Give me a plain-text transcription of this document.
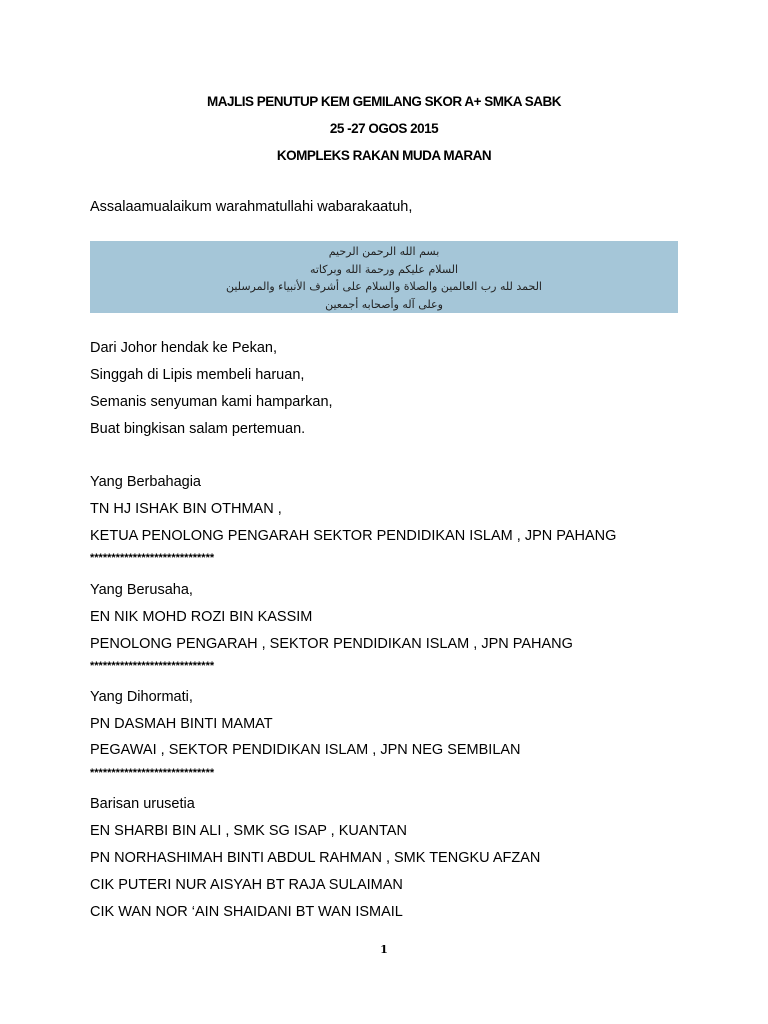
MAJLIS PENUTUP KEM GEMILANG SKOR A+ SMKA SABK
25 -27 OGOS 2015
KOMPLEKS RAKAN MUDA MARAN
Assalaamualaikum warahmatullahi wabarakaatuh,
بسم الله الرحمن الرحيم
السلام عليكم ورحمة الله وبركاته
الحمد لله رب العالمين والصلاة والسلام على أشرف الأنبياء والمرسلين
وعلى آله وأصحابه أجمعين
Dari Johor hendak ke Pekan,
Singgah di Lipis membeli haruan,
Semanis senyuman kami hamparkan,
Buat bingkisan salam pertemuan.
Yang Berbahagia
TN HJ ISHAK BIN OTHMAN ,
KETUA PENOLONG PENGARAH SEKTOR PENDIDIKAN ISLAM , JPN PAHANG
*****************************
Yang Berusaha,
EN NIK MOHD ROZI BIN KASSIM
PENOLONG PENGARAH , SEKTOR PENDIDIKAN ISLAM , JPN PAHANG
*****************************
Yang Dihormati,
PN DASMAH BINTI MAMAT
PEGAWAI , SEKTOR PENDIDIKAN ISLAM , JPN NEG SEMBILAN
*****************************
Barisan urusetia
EN SHARBI BIN ALI , SMK SG ISAP , KUANTAN
PN NORHASHIMAH BINTI ABDUL RAHMAN , SMK TENGKU AFZAN
CIK PUTERI NUR AISYAH BT RAJA SULAIMAN
CIK WAN NOR ‘AIN SHAIDANI BT WAN ISMAIL
1
